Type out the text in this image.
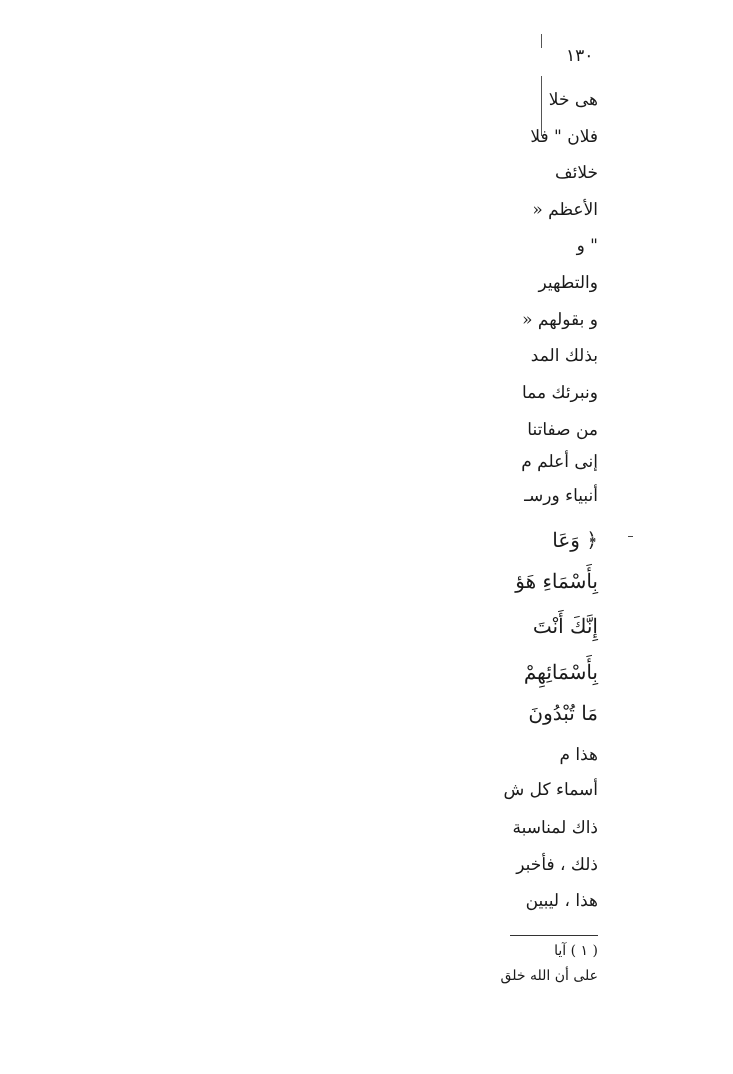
١٣٠
هى خلا
فلان " فلا
خلائف
الأعظم «
" و
والتطهير
و بقولهم «
بذلك المد
ونبرئك مما
من صفاتنا
إنى أعلم م
أنبياء ورسـ
﴿ وَعَا
بِأَسْمَاءِ هَؤ
إِنَّكَ أَنْتَ
بِأَسْمَائِهِمْ
مَا تُبْدُونَ
هذا م
أسماء كل ش
ذاك لمناسبة
ذلك ، فأخبر
هذا ، ليبين
( ١ ) آيا
على أن الله خلق
